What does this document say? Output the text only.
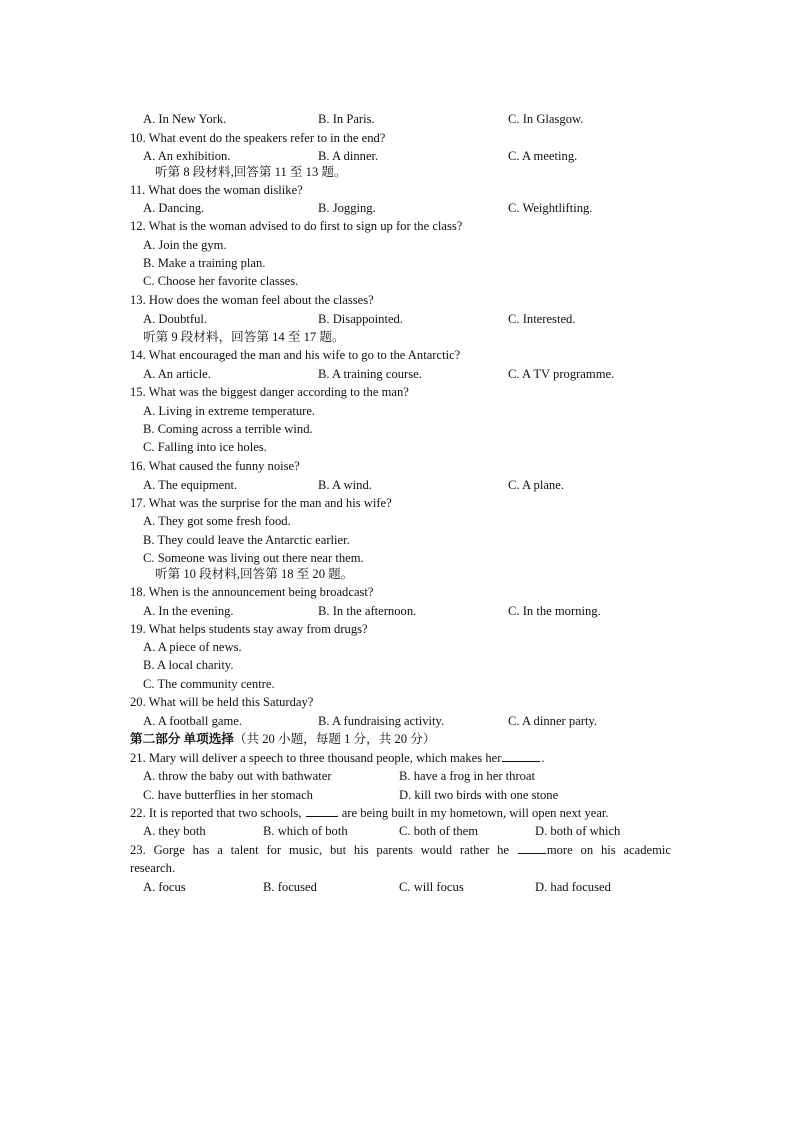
A. In New York.	B. In Paris.	C. In Glasgow.
10. What event do the speakers refer to in the end?
A. An exhibition.	B. A dinner.	C. A meeting.
听第 8 段材料,回答第 11 至 13 题。
11. What does the woman dislike?
A. Dancing.	B. Jogging.	C. Weightlifting.
12. What is the woman advised to do first to sign up for the class?
A. Join the gym.
B. Make a training plan.
C. Choose her favorite classes.
13. How does the woman feel about the classes?
A. Doubtful.	B. Disappointed.	C. Interested.
听第 9 段材料，回答第 14 至 17 题。
14. What encouraged the man and his wife to go to the Antarctic?
A. An article.	B. A training course.	C. A TV programme.
15. What was the biggest danger according to the man?
A. Living in extreme temperature.
B. Coming across a terrible wind.
C. Falling into ice holes.
16. What caused the funny noise?
A. The equipment.	B. A wind.	C. A plane.
17. What was the surprise for the man and his wife?
A. They got some fresh food.
B. They could leave the Antarctic earlier.
C. Someone was living out there near them.
听第 10 段材料,回答第 18 至 20 题。
18. When is the announcement being broadcast?
A. In the evening.	B. In the afternoon.	C. In the morning.
19. What helps students stay away from drugs?
A. A piece of news.
B. A local charity.
C. The community centre.
20. What will be held this Saturday?
A. A football game.	B. A fundraising activity.	C. A dinner party.
第二部分 单项选择（共 20 小题，每题 1 分，共 20 分）
21. Mary will deliver a speech to three thousand people, which makes her	.
A. throw the baby out with bathwater	B. have a frog in her throat
C. have butterflies in her stomach	D. kill two birds with one stone
22. It is reported that two schools,	are being built in my hometown, will open next year.
A. they both	B. which of both	C. both of them	D. both of which
23. Gorge has a talent for music, but his parents would rather he	more on his academic
research.
A. focus	B. focused	C. will focus	D. had focused
